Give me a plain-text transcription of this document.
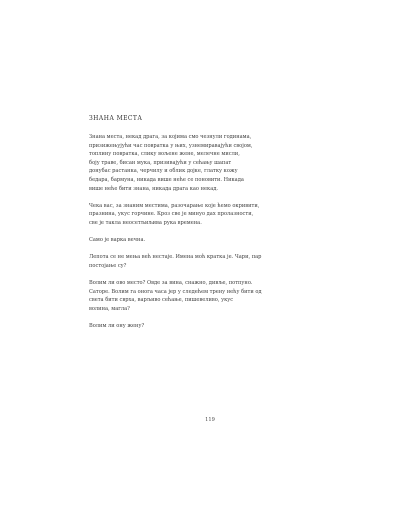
ЗНАНА МЕСТА
Знана места, некад драга, за којима смо чезнули годинама,
призижењујући час повратка у њих, узнемиравајући својом,
топлину повратка, слику вољене жене, мелечне мисли,
боју траве, бисан мука, призивајући у сећању шапат
донубас растанка, черчилу и облик дојке, глатку кожу
бедара, бармуна, никада више неће се поновити. Никада
више неће бити знана, никада драга као некад.
Чека вас, за знаним местима, разочарање које ћемо окривити,
празнина, укус горчине. Кроз све је минуо дах пролазности,
све је такла неосетљиљива рука времена.
Само је варка вечна.
Лепота се не мења већ нестаје. Имена моћ кратка је. Чари, пар
постојање су?
Волим ли ово место? Овде за вина, снажно, дивље, потпуно.
Саторе. Волим га онога часа јер у следећем трену нећу бити од
света бити сврха, варљиво сећање, пишевеливо, укус
волина, магла?
Волим ли ону жену?
119
